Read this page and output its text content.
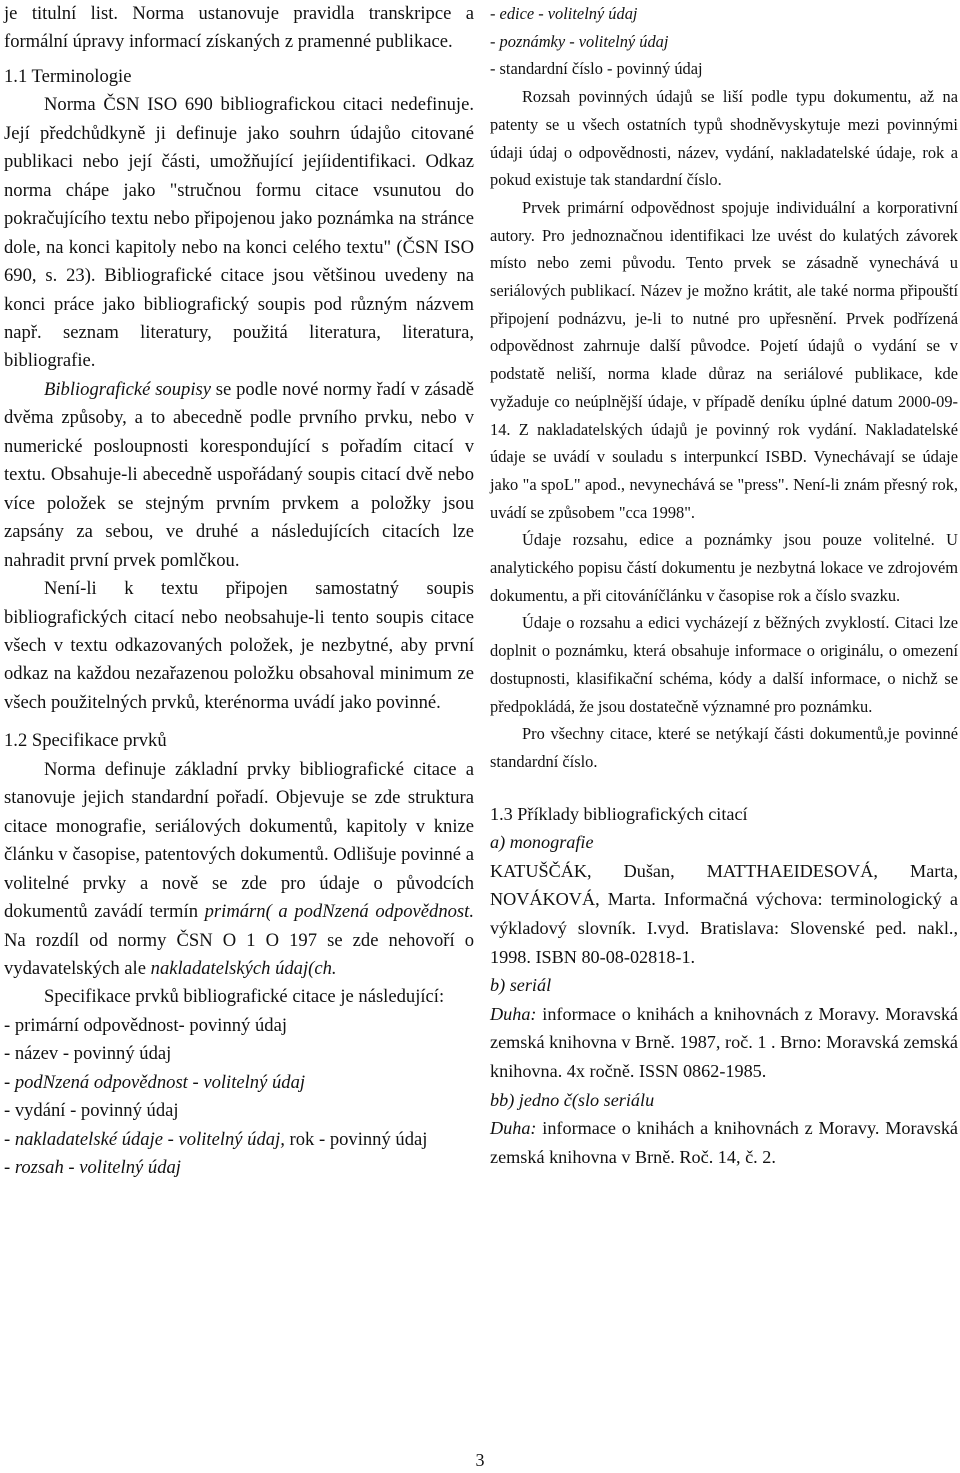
je titulní list. Norma ustanovuje pravidla transkripce a formální úpravy informací získaných z pramenné publikace.

1.1 Terminologie

Norma ČSN ISO 690 bibliografickou citaci nedefinuje. Její předchůdkyně ji definuje jako souhrn údajůo citované publikaci nebo její části, umožňující jejíidentifikaci. Odkaz norma chápe jako "stručnou formu citace vsunutou do pokračujícího textu nebo připojenou jako poznámka na stránce dole, na konci kapitoly nebo na konci celého textu" (ČSN ISO 690, s. 23). Bibliografické citace jsou většinou uvedeny na konci práce jako bibliografický soupis pod různým názvem např. seznam literatury, použitá literatura, literatura, bibliografie.

Bibliografické soupisy se podle nové normy řadí v zásadě dvěma způsoby, a to abecedně podle prvního prvku, nebo v numerické posloupnosti korespondující s pořadím citací v textu. Obsahuje-li abecedně uspořádaný soupis citací dvě nebo více položek se stejným prvním prvkem a položky jsou zapsány za sebou, ve druhé a následujících citacích lze nahradit první prvek pomlčkou.

Není-li k textu připojen samostatný soupis bibliografických citací nebo neobsahuje-li tento soupis citace všech v textu odkazovaných položek, je nezbytné, aby první odkaz na každou nezařazenou položku obsahoval minimum ze všech použitelných prvků, kterénorma uvádí jako povinné.

1.2 Specifikace prvků

Norma definuje základní prvky bibliografické citace a stanovuje jejich standardní pořadí. Objevuje se zde struktura citace monografie, seriálových dokumentů, kapitoly v knize článku v časopise, patentových dokumentů. Odlišuje povinné a volitelné prvky a nově se zde pro údaje o původcích dokumentů zavádí termín primárn( a podNzená odpovědnost. Na rozdíl od normy ČSN O 1 O 197 se zde nehovoří o vydavatelských ale nakladatelských údaj(ch.

Specifikace prvků bibliografické citace je následující:

- primární odpovědnost- povinný údaj

- název - povinný údaj

- podNzená odpovědnost - volitelný údaj

- vydání - povinný údaj

- nakladatelské údaje - volitelný údaj, rok - povinný údaj

- rozsah - volitelný údaj

- edice - volitelný údaj

- poznámky - volitelný údaj

- standardní číslo - povinný údaj

Rozsah povinných údajů se liší podle typu dokumentu, až na patenty se u všech ostatních typů shodněvyskytuje mezi povinnými údaji údaj o odpovědnosti, název, vydání, nakladatelské údaje, rok a pokud existuje tak standardní číslo.

Prvek primární odpovědnost spojuje individuální a korporativní autory. Pro jednoznačnou identifikaci lze uvést do kulatých závorek místo nebo zemi původu. Tento prvek se zásadně vynechává u seriálových publikací. Název je možno krátit, ale také norma připouští připojení podnázvu, je-li to nutné pro upřesnění. Prvek podřízená odpovědnost zahrnuje další původce. Pojetí údajů o vydání se v podstatě neliší, norma klade důraz na seriálové publikace, kde vyžaduje co neúplnější údaje, v případě deníku úplné datum 2000-09-14. Z nakladatelských údajů je povinný rok vydání. Nakladatelské údaje se uvádí v souladu s interpunkcí ISBD. Vynechávají se údaje jako "a spoL" apod., nevynechává se "press". Není-li znám přesný rok, uvádí se způsobem "cca 1998".

Údaje rozsahu, edice a poznámky jsou pouze volitelné. U analytického popisu částí dokumentu je nezbytná lokace ve zdrojovém dokumentu, a při citováníčlánku v časopise rok a číslo svazku.

Údaje o rozsahu a edici vycházejí z běžných zvyklostí. Citaci lze doplnit o poznámku, která obsahuje informace o originálu, o omezení dostupnosti, klasifikační schéma, kódy a další informace, o nichž se předpokládá, že jsou dostatečně významné pro poznámku.

Pro všechny citace, které se netýkají části dokumentů,je povinné standardní číslo.

1.3 Příklady bibliografických citací

a) monografie

KATUŠČÁK, Dušan, MATTHAEIDESOVÁ, Marta, NOVÁKOVÁ, Marta. Informačná výchova: terminologický a výkladový slovník. I.vyd. Bratislava: Slovenské ped. nakl., 1998. ISBN 80-08-02818-1.

b) seriál

Duha: informace o knihách a knihovnách z Moravy. Moravská zemská knihovna v Brně. 1987, roč. 1 . Brno: Moravská zemská knihovna. 4x ročně. ISSN 0862-1985.

bb) jedno č(slo seriálu

Duha: informace o knihách a knihovnách z Moravy. Moravská zemská knihovna v Brně. Roč. 14, č. 2.

3
